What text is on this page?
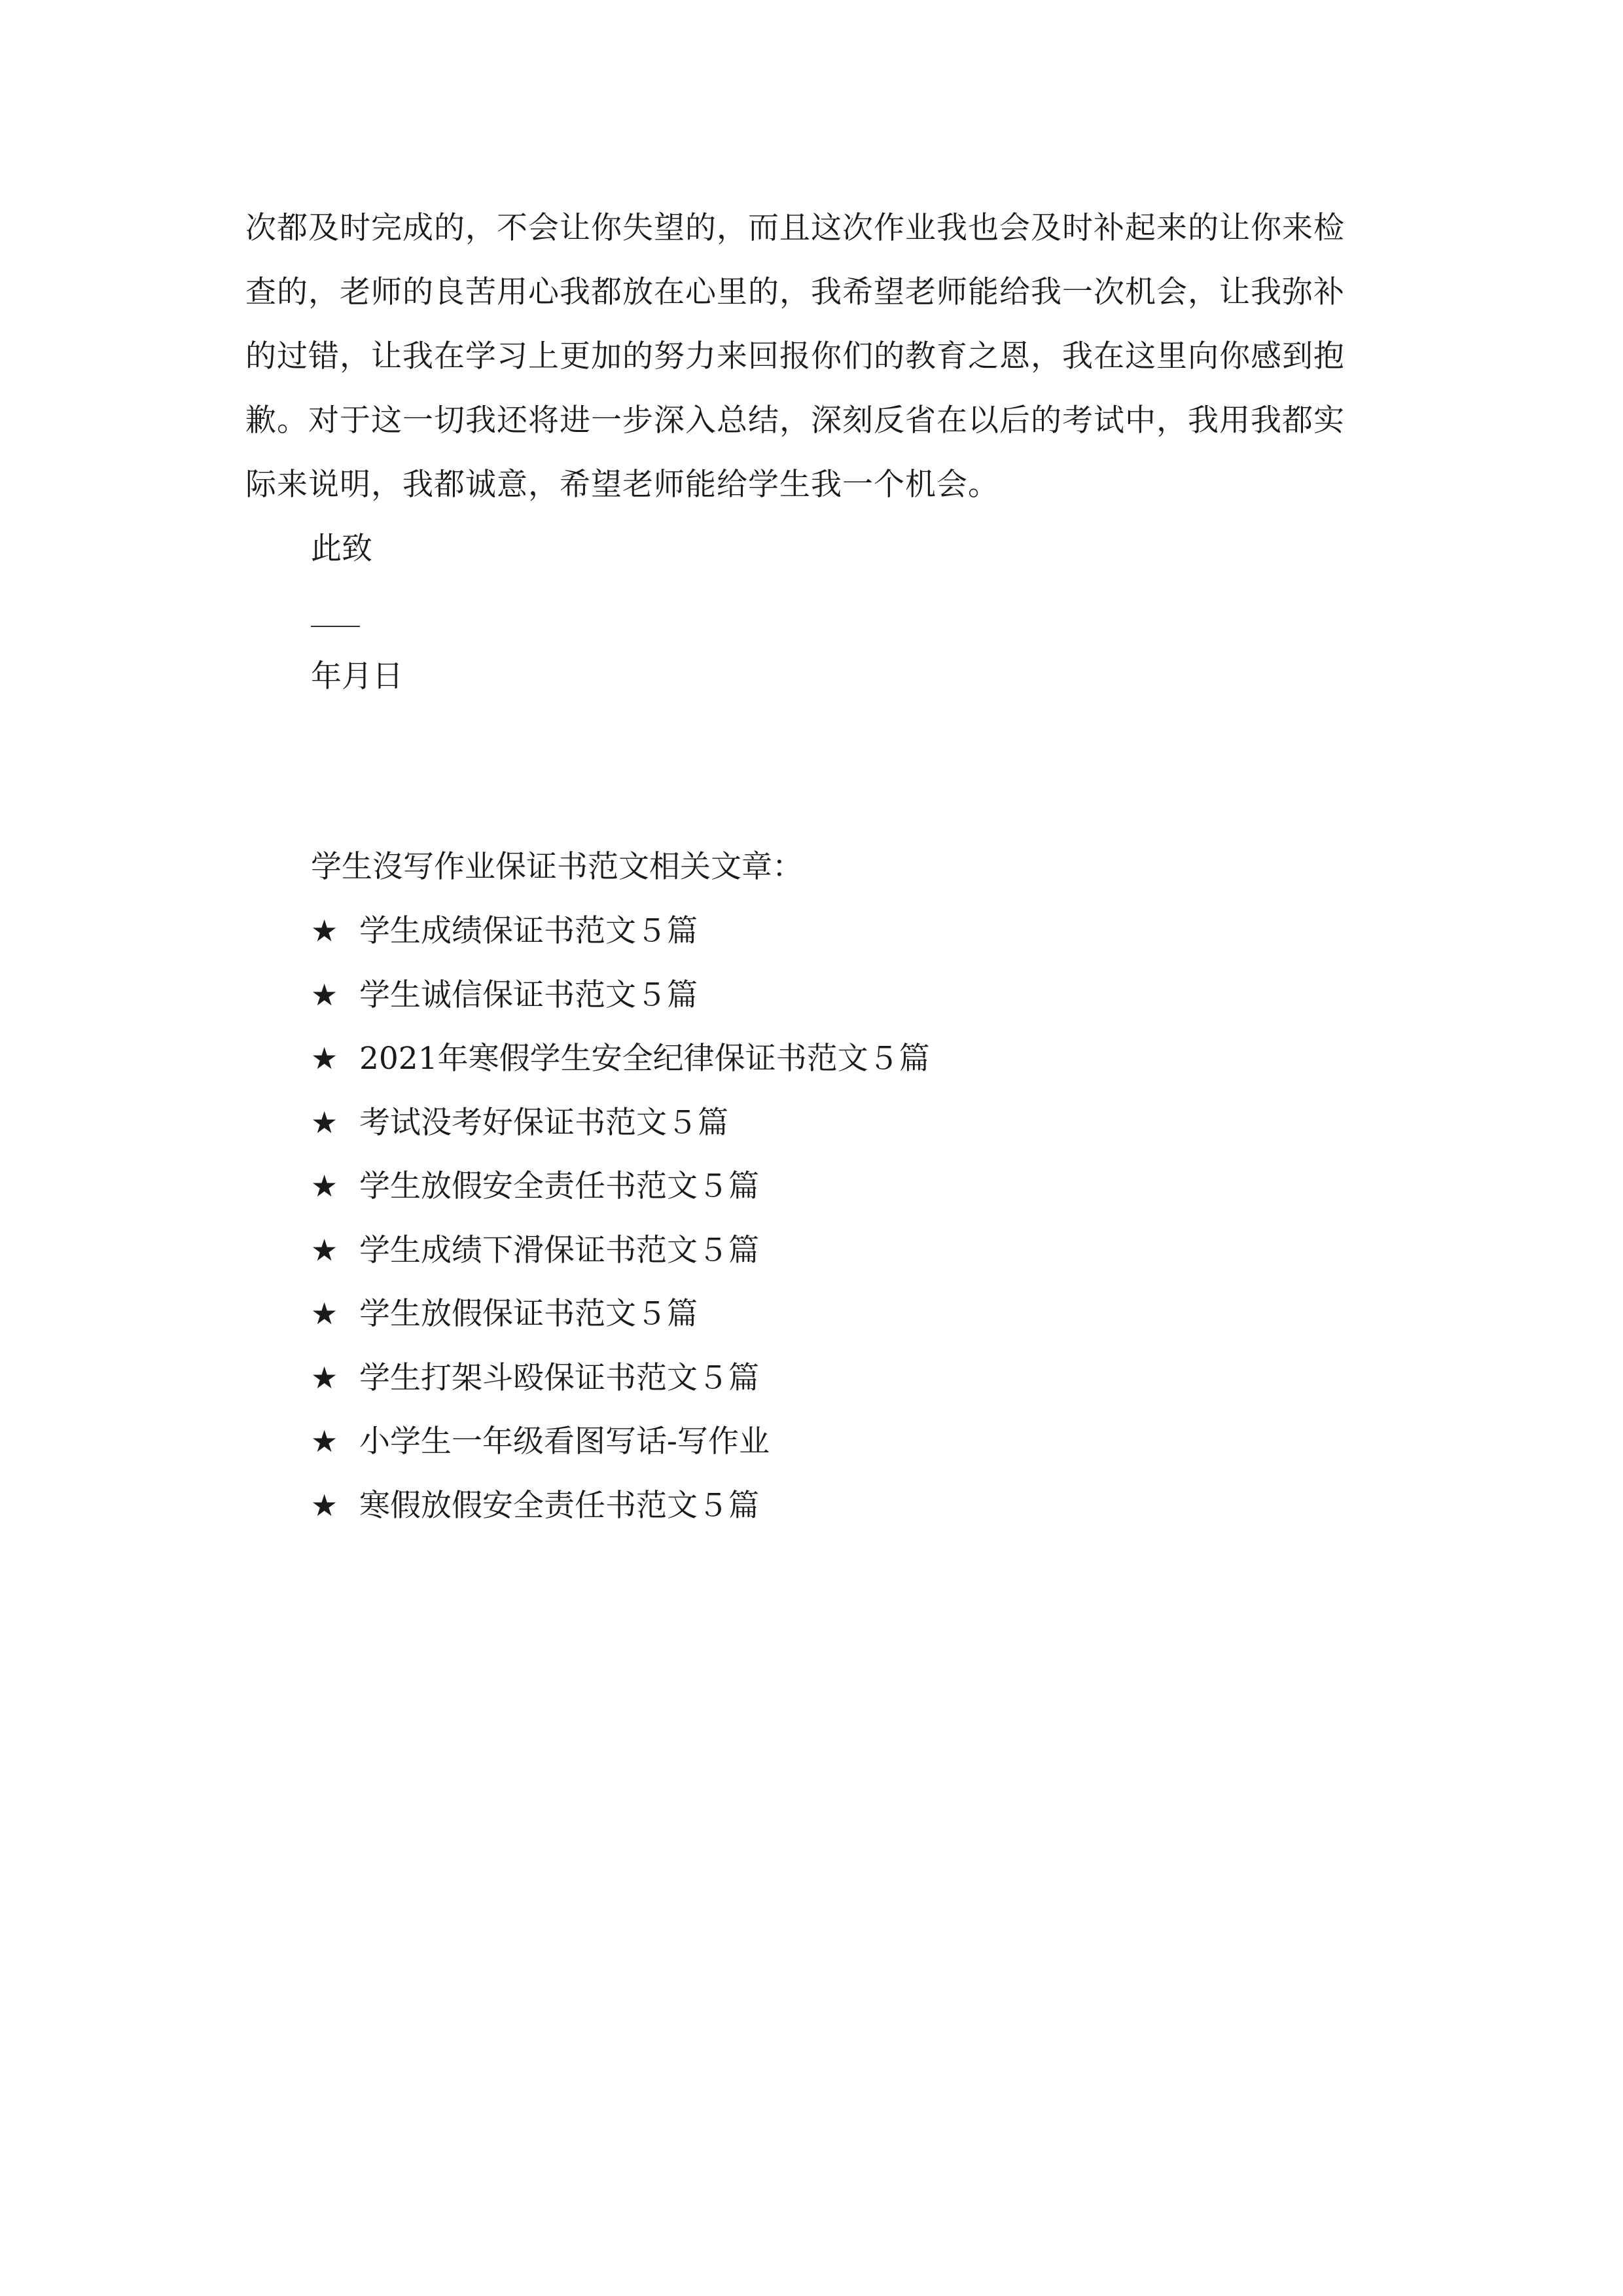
次都及时完成的，不会让你失望的，而且这次作业我也会及时补起来的让你来检
查的，老师的良苦用心我都放在心里的，我希望老师能给我一次机会，让我弥补
的过错，让我在学习上更加的努力来回报你们的教育之恩，我在这里向你感到抱
歉。对于这一切我还将进一步深入总结，深刻反省在以后的考试中，我用我都实
际来说明，我都诚意，希望老师能给学生我一个机会。

此致

年月日

学生沒写作业保证书范文相关文章：

★ 学生成绩保证书范文５篇
★ 学生诚信保证书范文５篇
★ 2021年寒假学生安全纪律保证书范文５篇
★ 考试没考好保证书范文５篇
★ 学生放假安全责任书范文５篇
★ 学生成绩下滑保证书范文５篇
★ 学生放假保证书范文５篇
★ 学生打架斗殴保证书范文５篇
★ 小学生一年级看图写话-写作业
★ 寒假放假安全责任书范文５篇
